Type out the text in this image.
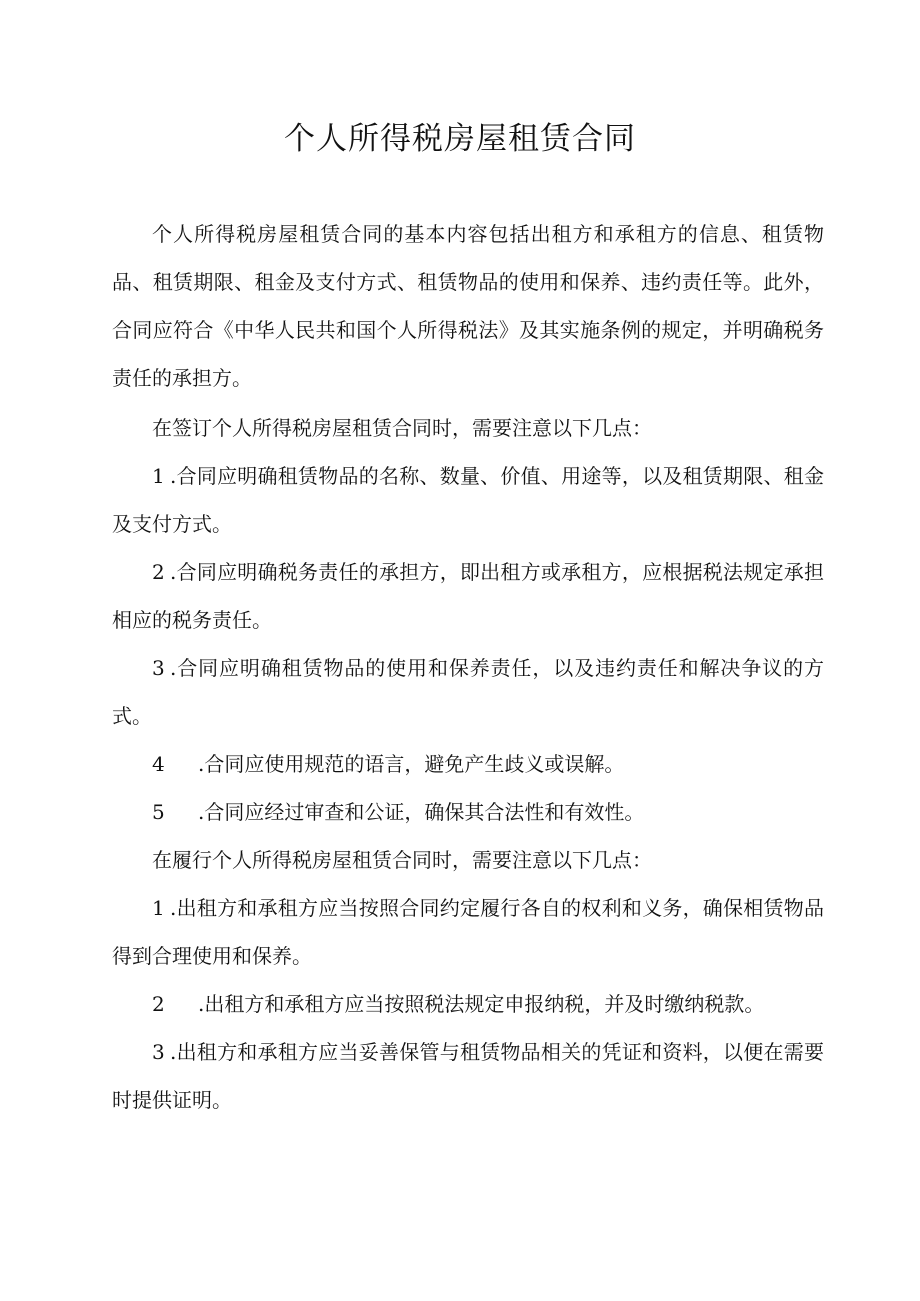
个人所得税房屋租赁合同

个人所得税房屋租赁合同的基本内容包括出租方和承租方的信息、租赁物品、租赁期限、租金及支付方式、租赁物品的使用和保养、违约责任等。此外，合同应符合《中华人民共和国个人所得税法》及其实施条例的规定，并明确税务责任的承担方。

在签订个人所得税房屋租赁合同时，需要注意以下几点：

1 .合同应明确租赁物品的名称、数量、价值、用途等，以及租赁期限、租金及支付方式。

2 .合同应明确税务责任的承担方，即出租方或承租方，应根据税法规定承担相应的税务责任。

3 .合同应明确租赁物品的使用和保养责任，以及违约责任和解决争议的方式。

4 .合同应使用规范的语言，避免产生歧义或误解。

5 .合同应经过审查和公证，确保其合法性和有效性。

在履行个人所得税房屋租赁合同时，需要注意以下几点：

1 .出租方和承租方应当按照合同约定履行各自的权利和义务，确保相赁物品得到合理使用和保养。

2 .出租方和承租方应当按照税法规定申报纳税，并及时缴纳税款。

3 .出租方和承租方应当妥善保管与租赁物品相关的凭证和资料，以便在需要时提供证明。
